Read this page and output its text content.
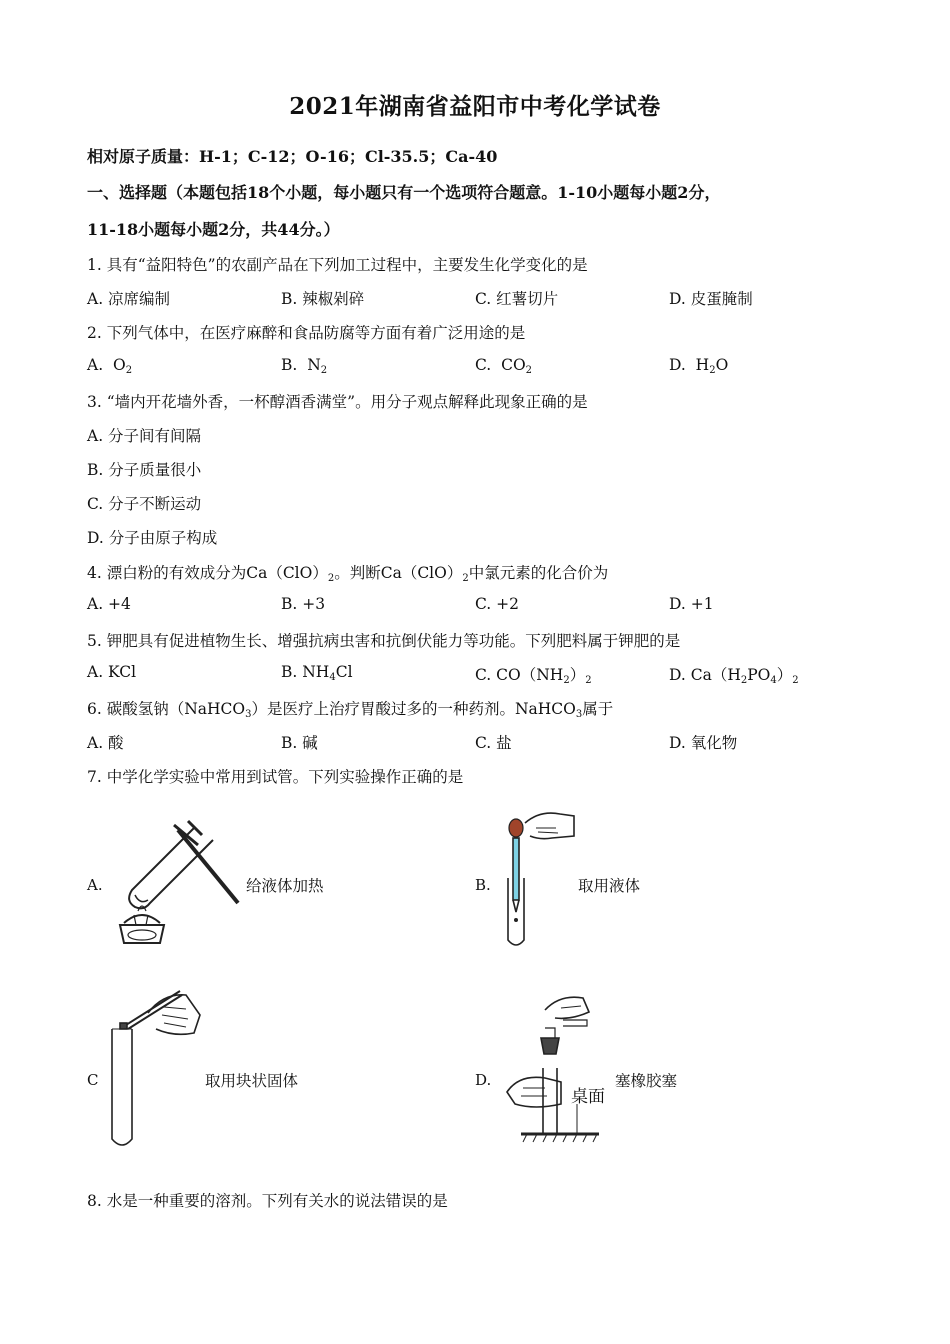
2021年湖南省益阳市中考化学试卷
相对原子质量：H-1；C-12；O-16；Cl-35.5；Ca-40
一、选择题（本题包括18个小题，每小题只有一个选项符合题意。1-10小题每小题2分，
11-18小题每小题2分，共44分。）
1. 具有“益阳特色”的农副产品在下列加工过程中，主要发生化学变化的是
A. 凉席编制	B. 辣椒剁碎	C. 红薯切片	D. 皮蛋腌制
2. 下列气体中，在医疗麻醉和食品防腐等方面有着广泛用途的是
A. $O_2$	B. $N_2$	C. $CO_2$	D. $H_2O$
3. “墙内开花墙外香，一杯醇酒香满堂”。用分子观点解释此现象正确的是
A. 分子间有间隔
B. 分子质量很小
C. 分子不断运动
D. 分子由原子构成
4. 漂白粉的有效成分为$Ca(ClO)_2$。判断$Ca(ClO)_2$中氯元素的化合价为
A. +4	B. +3	C. +2	D. +1
5. 钾肥具有促进植物生长、增强抗病虫害和抗倒伏能力等功能。下列肥料属于钾肥的是
A. KCl	B. $NH_4Cl$	C. $CO(NH_2)_2$	D. $Ca(H_2PO_4)_2$
6. 碳酸氢钠（NaHCO$_3$）是医疗上治疗胃酸过多的一种药剂。NaHCO$_3$属于
A. 酸	B. 碱	C. 盐	D. 氧化物
7. 中学化学实验中常用到试管。下列实验操作正确的是
A.	给液体加热	B.	取用液体
C	取用块状固体	D.
桌面
塞橡胶塞
8. 水是一种重要的溶剂。下列有关水的说法错误的是
